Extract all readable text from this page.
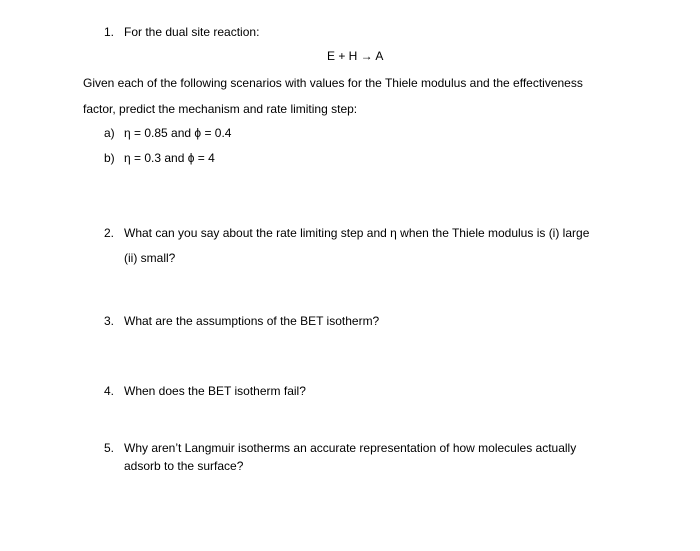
1. For the dual site reaction:
E + H → A
Given each of the following scenarios with values for the Thiele modulus and the effectiveness
factor, predict the mechanism and rate limiting step:
a) η = 0.85 and ϕ = 0.4
b) η = 0.3 and ϕ = 4
2. What can you say about the rate limiting step and η when the Thiele modulus is (i) large
(ii) small?
3. What are the assumptions of the BET isotherm?
4. When does the BET isotherm fail?
5. Why aren’t Langmuir isotherms an accurate representation of how molecules actually
adsorb to the surface?
